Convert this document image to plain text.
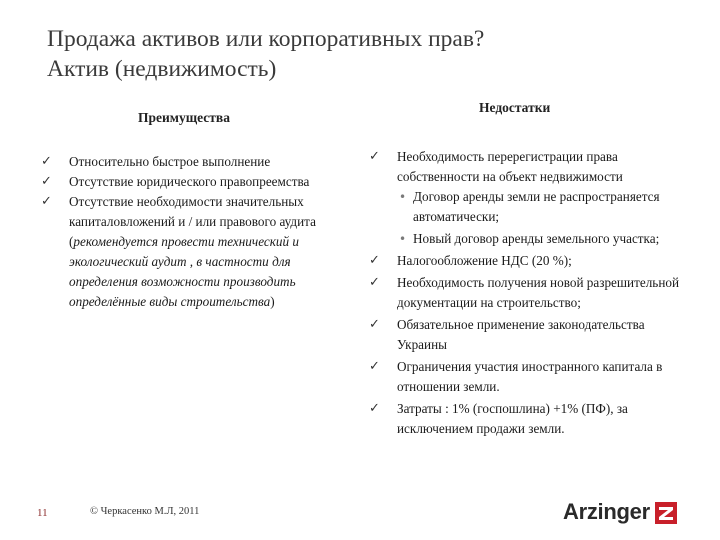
Продажа активов или корпоративных прав?
Актив (недвижимость)
Преимущества
Недостатки
✓	Относительно быстрое выполнение
✓	Отсутствие юридического правопреемства
✓	Отсутствие необходимости значительных капиталовложений и / или правового аудита
(рекомендуется провести технический и экологический аудит , в частности для определения возможности производить определённые виды строительства)
✓	Необходимость перерегистрации права собственности на объект недвижимости
• Договор аренды земли не распространяется автоматически;
• Новый договор аренды земельного участка;
✓	Налогообложение НДС (20 %);
✓	Необходимость получения новой разрешительной документации на строительство;
✓	Обязательное применение законодательства Украины
✓	Ограничения участия иностранного капитала в отношении земли.
✓	Затраты : 1% (госпошлина) +1% (ПФ), за исключением продажи земли.
11	© Черкасенко М.Л, 2011	Arzinger
